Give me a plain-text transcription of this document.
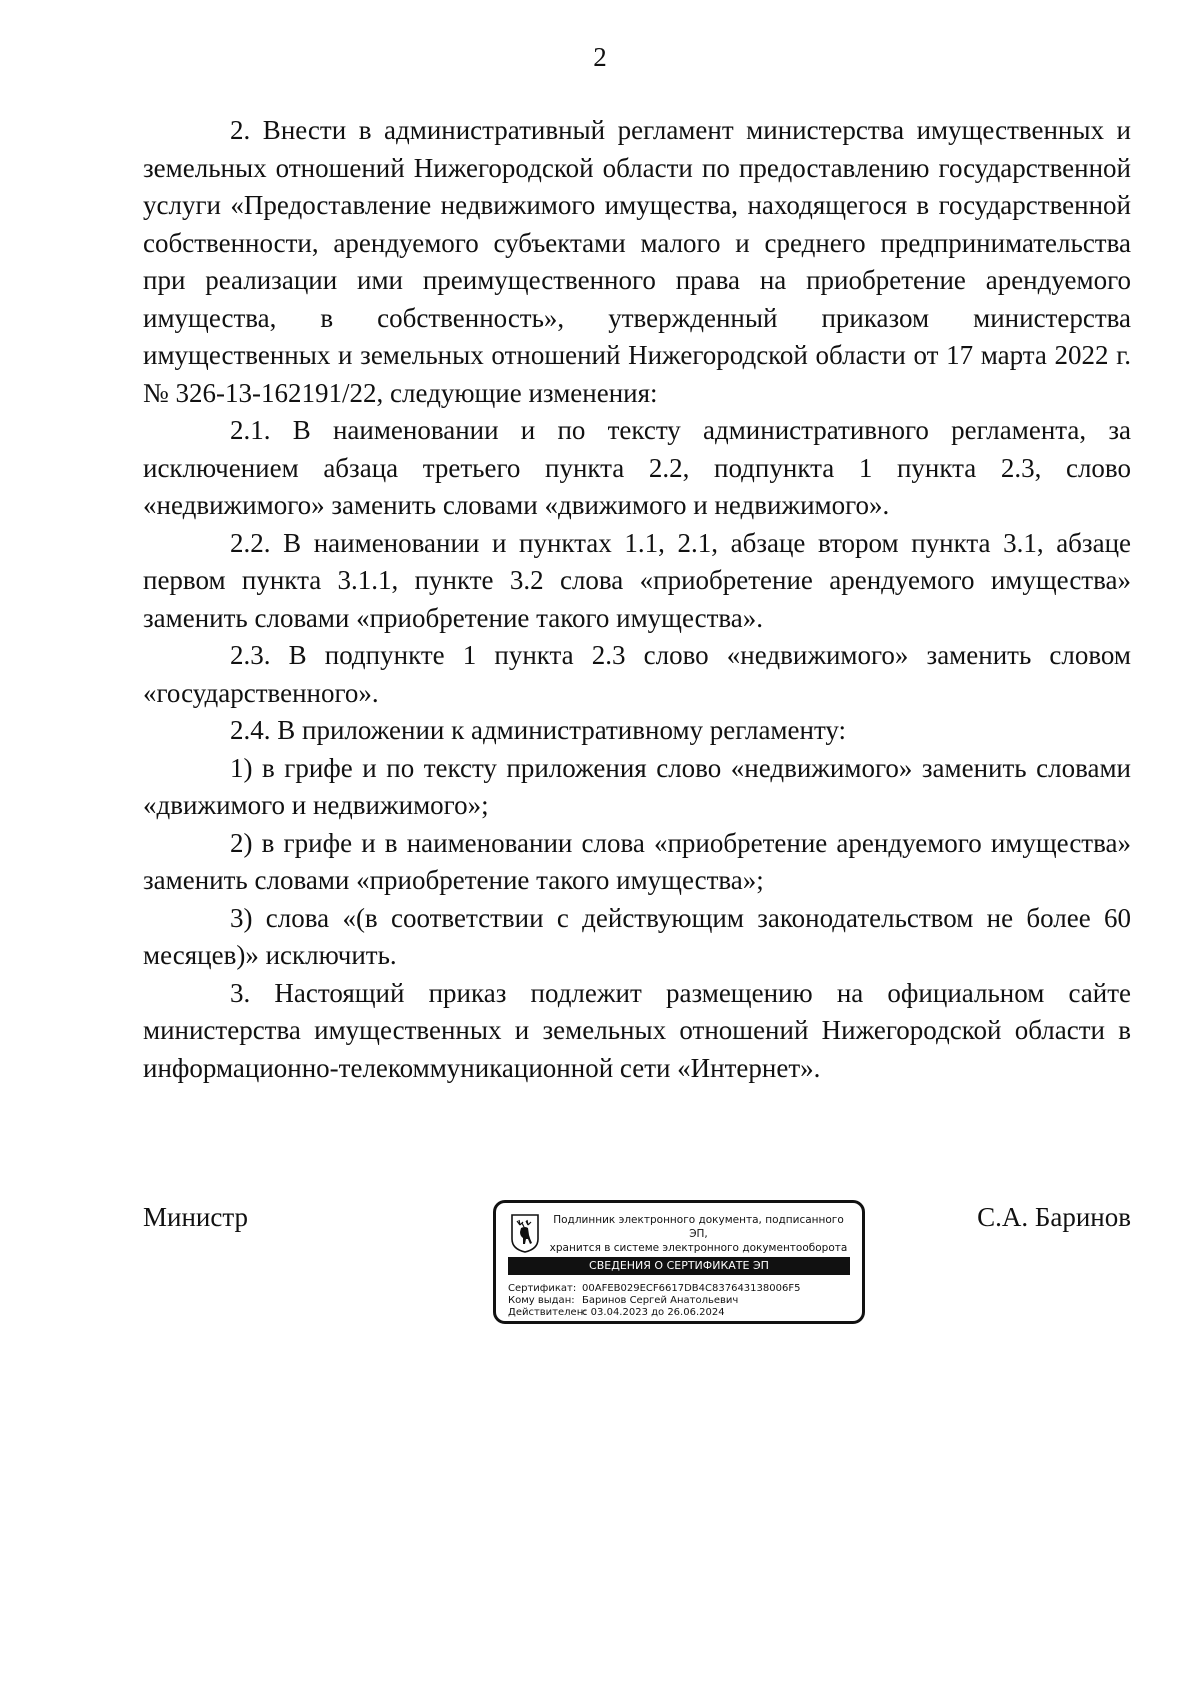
2

2. Внести в административный регламент министерства имущественных и земельных отношений Нижегородской области по предоставлению государственной услуги «Предоставление недвижимого имущества, находящегося в государственной собственности, арендуемого субъектами малого и среднего предпринимательства при реализации ими преимущественного права на приобретение арендуемого имущества, в собственность», утвержденный приказом министерства имущественных и земельных отношений Нижегородской области от 17 марта 2022 г. № 326-13-162191/22, следующие изменения:

2.1. В наименовании и по тексту административного регламента, за исключением абзаца третьего пункта 2.2, подпункта 1 пункта 2.3, слово «недвижимого» заменить словами «движимого и недвижимого».

2.2. В наименовании и пунктах 1.1, 2.1, абзаце втором пункта 3.1, абзаце первом пункта 3.1.1, пункте 3.2 слова «приобретение арендуемого имущества» заменить словами «приобретение такого имущества».

2.3. В подпункте 1 пункта 2.3 слово «недвижимого» заменить словом «государственного».

2.4. В приложении к административному регламенту:

1) в грифе и по тексту приложения слово «недвижимого» заменить словами «движимого и недвижимого»;

2) в грифе и в наименовании слова «приобретение арендуемого имущества» заменить словами «приобретение такого имущества»;

3) слова «(в соответствии с действующим законодательством не более 60 месяцев)» исключить.

3. Настоящий приказ подлежит размещению на официальном сайте министерства имущественных и земельных отношений Нижегородской области в информационно-телекоммуникационной сети «Интернет».

Министр	Подлинник электронного документа, подписанного ЭП,
хранится в системе электронного документооборота
СВЕДЕНИЯ О СЕРТИФИКАТЕ ЭП
Сертификат: 00AFEB029ECF6617DB4C837643138006F5
Кому выдан: Баринов Сергей Анатольевич
Действителен:с 03.04.2023 до 26.06.2024
С.А. Баринов
